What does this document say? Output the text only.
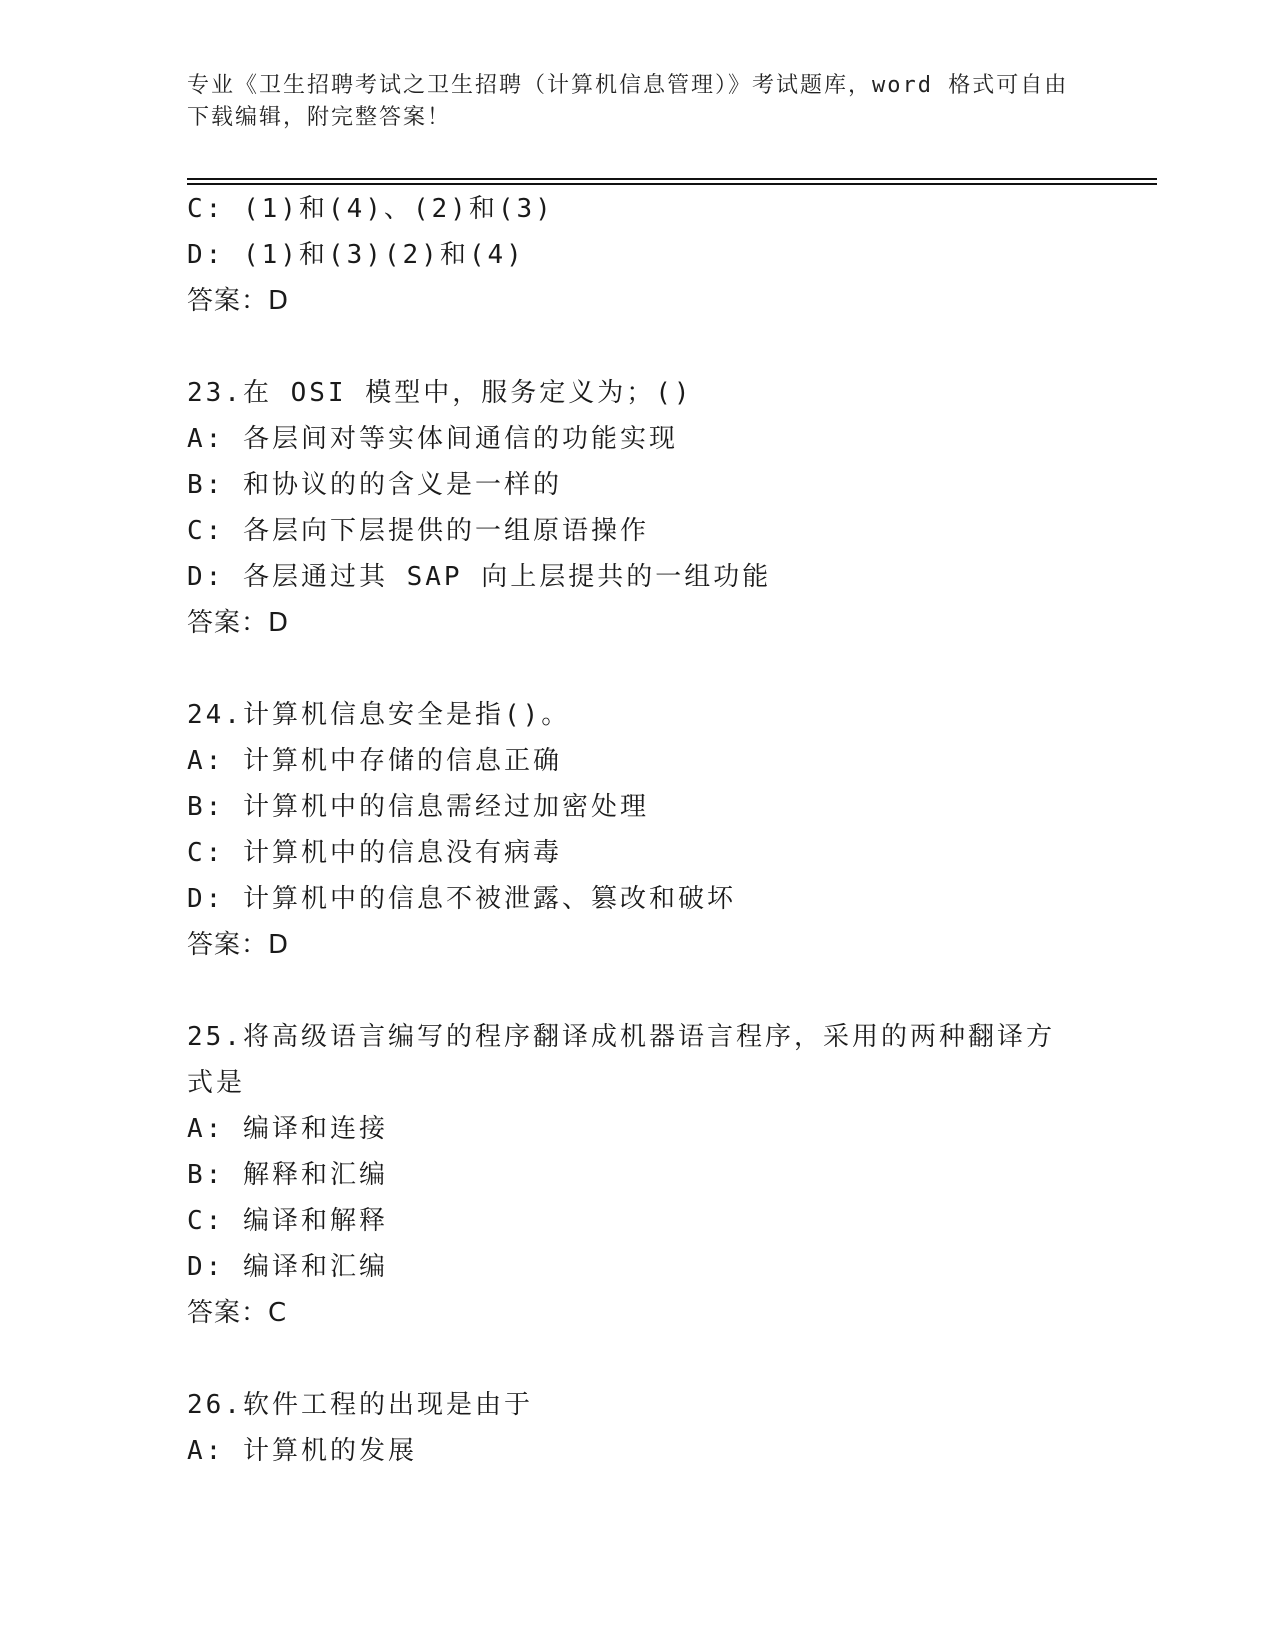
专业《卫生招聘考试之卫生招聘（计算机信息管理）》考试题库，word 格式可自由下载编辑，附完整答案！
C: (1)和(4)、(2)和(3)
D: (1)和(3)(2)和(4)
答案：D
23.在 OSI 模型中，服务定义为；()
A: 各层间对等实体间通信的功能实现
B: 和协议的的含义是一样的
C: 各层向下层提供的一组原语操作
D: 各层通过其 SAP 向上层提共的一组功能
答案：D
24.计算机信息安全是指()。
A: 计算机中存储的信息正确
B: 计算机中的信息需经过加密处理
C: 计算机中的信息没有病毒
D: 计算机中的信息不被泄露、篡改和破坏
答案：D
25.将高级语言编写的程序翻译成机器语言程序，采用的两种翻译方式是
A: 编译和连接
B: 解释和汇编
C: 编译和解释
D: 编译和汇编
答案：C
26.软件工程的出现是由于
A: 计算机的发展
